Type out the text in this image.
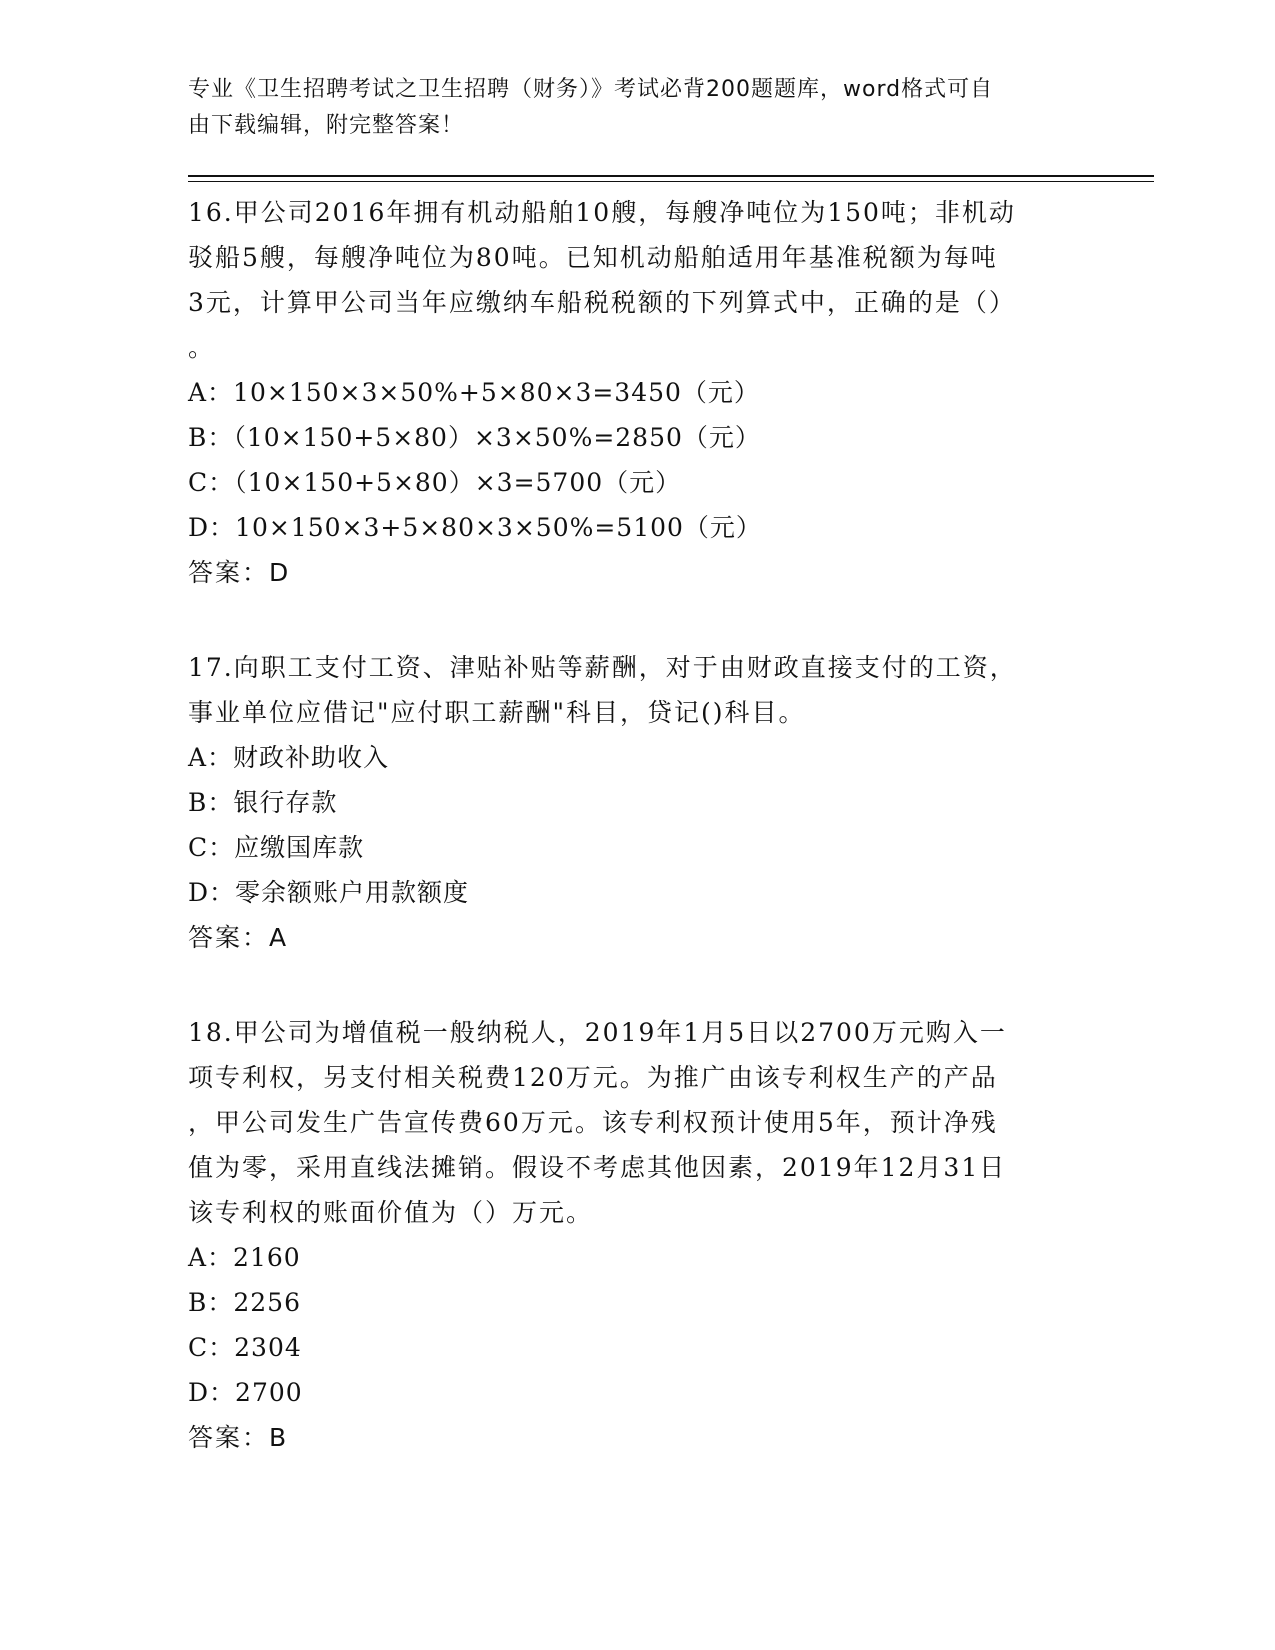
专业《卫生招聘考试之卫生招聘（财务）》考试必背200题题库，word格式可自
由下载编辑，附完整答案！

16.甲公司2016年拥有机动船舶10艘，每艘净吨位为150吨；非机动

驳船5艘，每艘净吨位为80吨。已知机动船舶适用年基准税额为每吨

3元，计算甲公司当年应缴纳车船税税额的下列算式中，正确的是（）

。

A：10×150×3×50%+5×80×3=3450（元）

B：（10×150+5×80）×3×50%=2850（元）

C：（10×150+5×80）×3=5700（元）

D：10×150×3+5×80×3×50%=5100（元）

答案：D

17.向职工支付工资、津贴补贴等薪酬，对于由财政直接支付的工资，

事业单位应借记"应付职工薪酬"科目，贷记()科目。

A：财政补助收入

B：银行存款

C：应缴国库款

D：零余额账户用款额度

答案：A

18.甲公司为增值税一般纳税人，2019年1月5日以2700万元购入一

项专利权，另支付相关税费120万元。为推广由该专利权生产的产品

，甲公司发生广告宣传费60万元。该专利权预计使用5年，预计净残

值为零，采用直线法摊销。假设不考虑其他因素，2019年12月31日

该专利权的账面价值为（）万元。

A：2160

B：2256

C：2304

D：2700

答案：B
